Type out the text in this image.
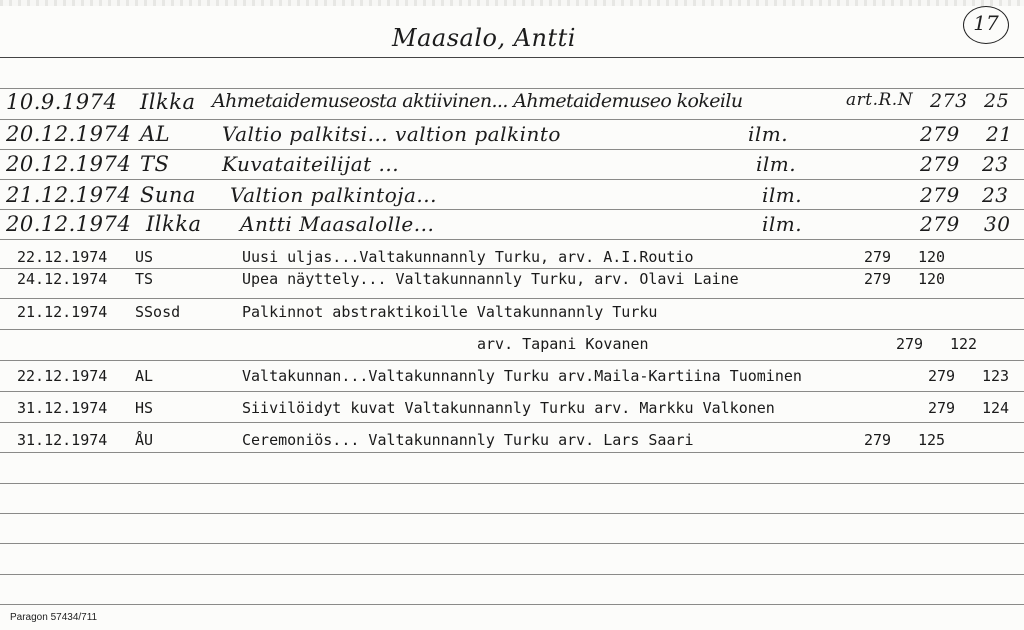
17
Maasalo, Antti
10.9.1974 Ilkka Ahmetaidemuseosta aktiivinen... Ahmetaidemuseo kokeilu	art.R.N 273 25
20.12.1974 AL	Valtio palkitsi... valtion palkinto	ilm.	279 21
20.12.1974 TS	Kuvataiteilijat ...	ilm.	279 23
21.12.1974 Suna Valtion palkintoja...	ilm.	279 23
20.12.1974 Ilkka Antti Maasalolle...	ilm.	279 30
22.12.1974 US	Uusi uljas...Valtakunnannly Turku, arv. A.I.Routio	279 120
24.12.1974 TS	Upea näyttely... Valtakunnannly Turku, arv. Olavi Laine	279 120
21.12.1974 SSosd	Palkinnot abstraktikoille Valtakunnannly Turku
arv. Tapani Kovanen	279 122
22.12.1974 AL	Valtakunnan...Valtakunnannly Turku arv.Maila-Kartiina Tuominen	279 123
31.12.1974 HS	Siivilöidyt kuvat Valtakunnannly Turku arv. Markku Valkonen	279 124
31.12.1974 ÅU	Ceremoniös... Valtakunnannly Turku arv. Lars Saari	279 125
Paragon 57434/711
